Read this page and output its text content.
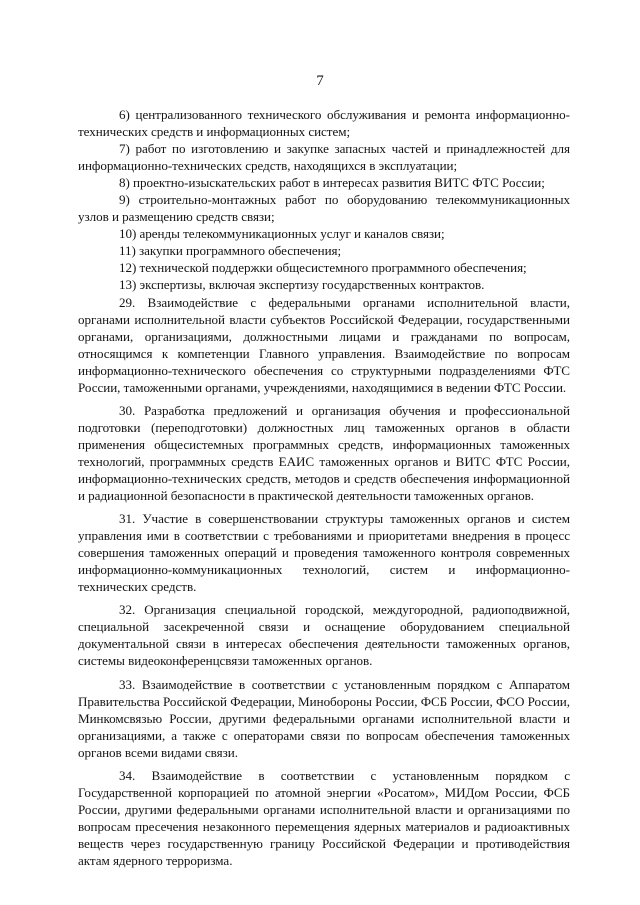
7

6) централизованного технического обслуживания и ремонта информационно-технических средств и информационных систем;

7) работ по изготовлению и закупке запасных частей и принадлежностей для информационно-технических средств, находящихся в эксплуатации;

8) проектно-изыскательских работ в интересах развития ВИТС ФТС России;

9) строительно-монтажных работ по оборудованию телекоммуникационных узлов и размещению средств связи;

10) аренды телекоммуникационных услуг и каналов связи;

11) закупки программного обеспечения;

12) технической поддержки общесистемного программного обеспечения;

13) экспертизы, включая экспертизу государственных контрактов.

29. Взаимодействие с федеральными органами исполнительной власти, органами исполнительной власти субъектов Российской Федерации, государственными органами, организациями, должностными лицами и гражданами по вопросам, относящимся к компетенции Главного управления. Взаимодействие по вопросам информационно-технического обеспечения со структурными подразделениями ФТС России, таможенными органами, учреждениями, находящимися в ведении ФТС России.

30. Разработка предложений и организация обучения и профессиональной подготовки (переподготовки) должностных лиц таможенных органов в области применения общесистемных программных средств, информационных таможенных технологий, программных средств ЕАИС таможенных органов и ВИТС ФТС России, информационно-технических средств, методов и средств обеспечения информационной и радиационной безопасности в практической деятельности таможенных органов.

31. Участие в совершенствовании структуры таможенных органов и систем управления ими в соответствии с требованиями и приоритетами внедрения в процесс совершения таможенных операций и проведения таможенного контроля современных информационно-коммуникационных технологий, систем и информационно-технических средств.

32. Организация специальной городской, междугородной, радиоподвижной, специальной засекреченной связи и оснащение оборудованием специальной документальной связи в интересах обеспечения деятельности таможенных органов, системы видеоконференцсвязи таможенных органов.

33. Взаимодействие в соответствии с установленным порядком с Аппаратом Правительства Российской Федерации, Минобороны России, ФСБ России, ФСО России, Минкомсвязью России, другими федеральными органами исполнительной власти и организациями, а также с операторами связи по вопросам обеспечения таможенных органов всеми видами связи.

34. Взаимодействие в соответствии с установленным порядком с Государственной корпорацией по атомной энергии «Росатом», МИДом России, ФСБ России, другими федеральными органами исполнительной власти и организациями по вопросам пресечения незаконного перемещения ядерных материалов и радиоактивных веществ через государственную границу Российской Федерации и противодействия актам ядерного терроризма.
